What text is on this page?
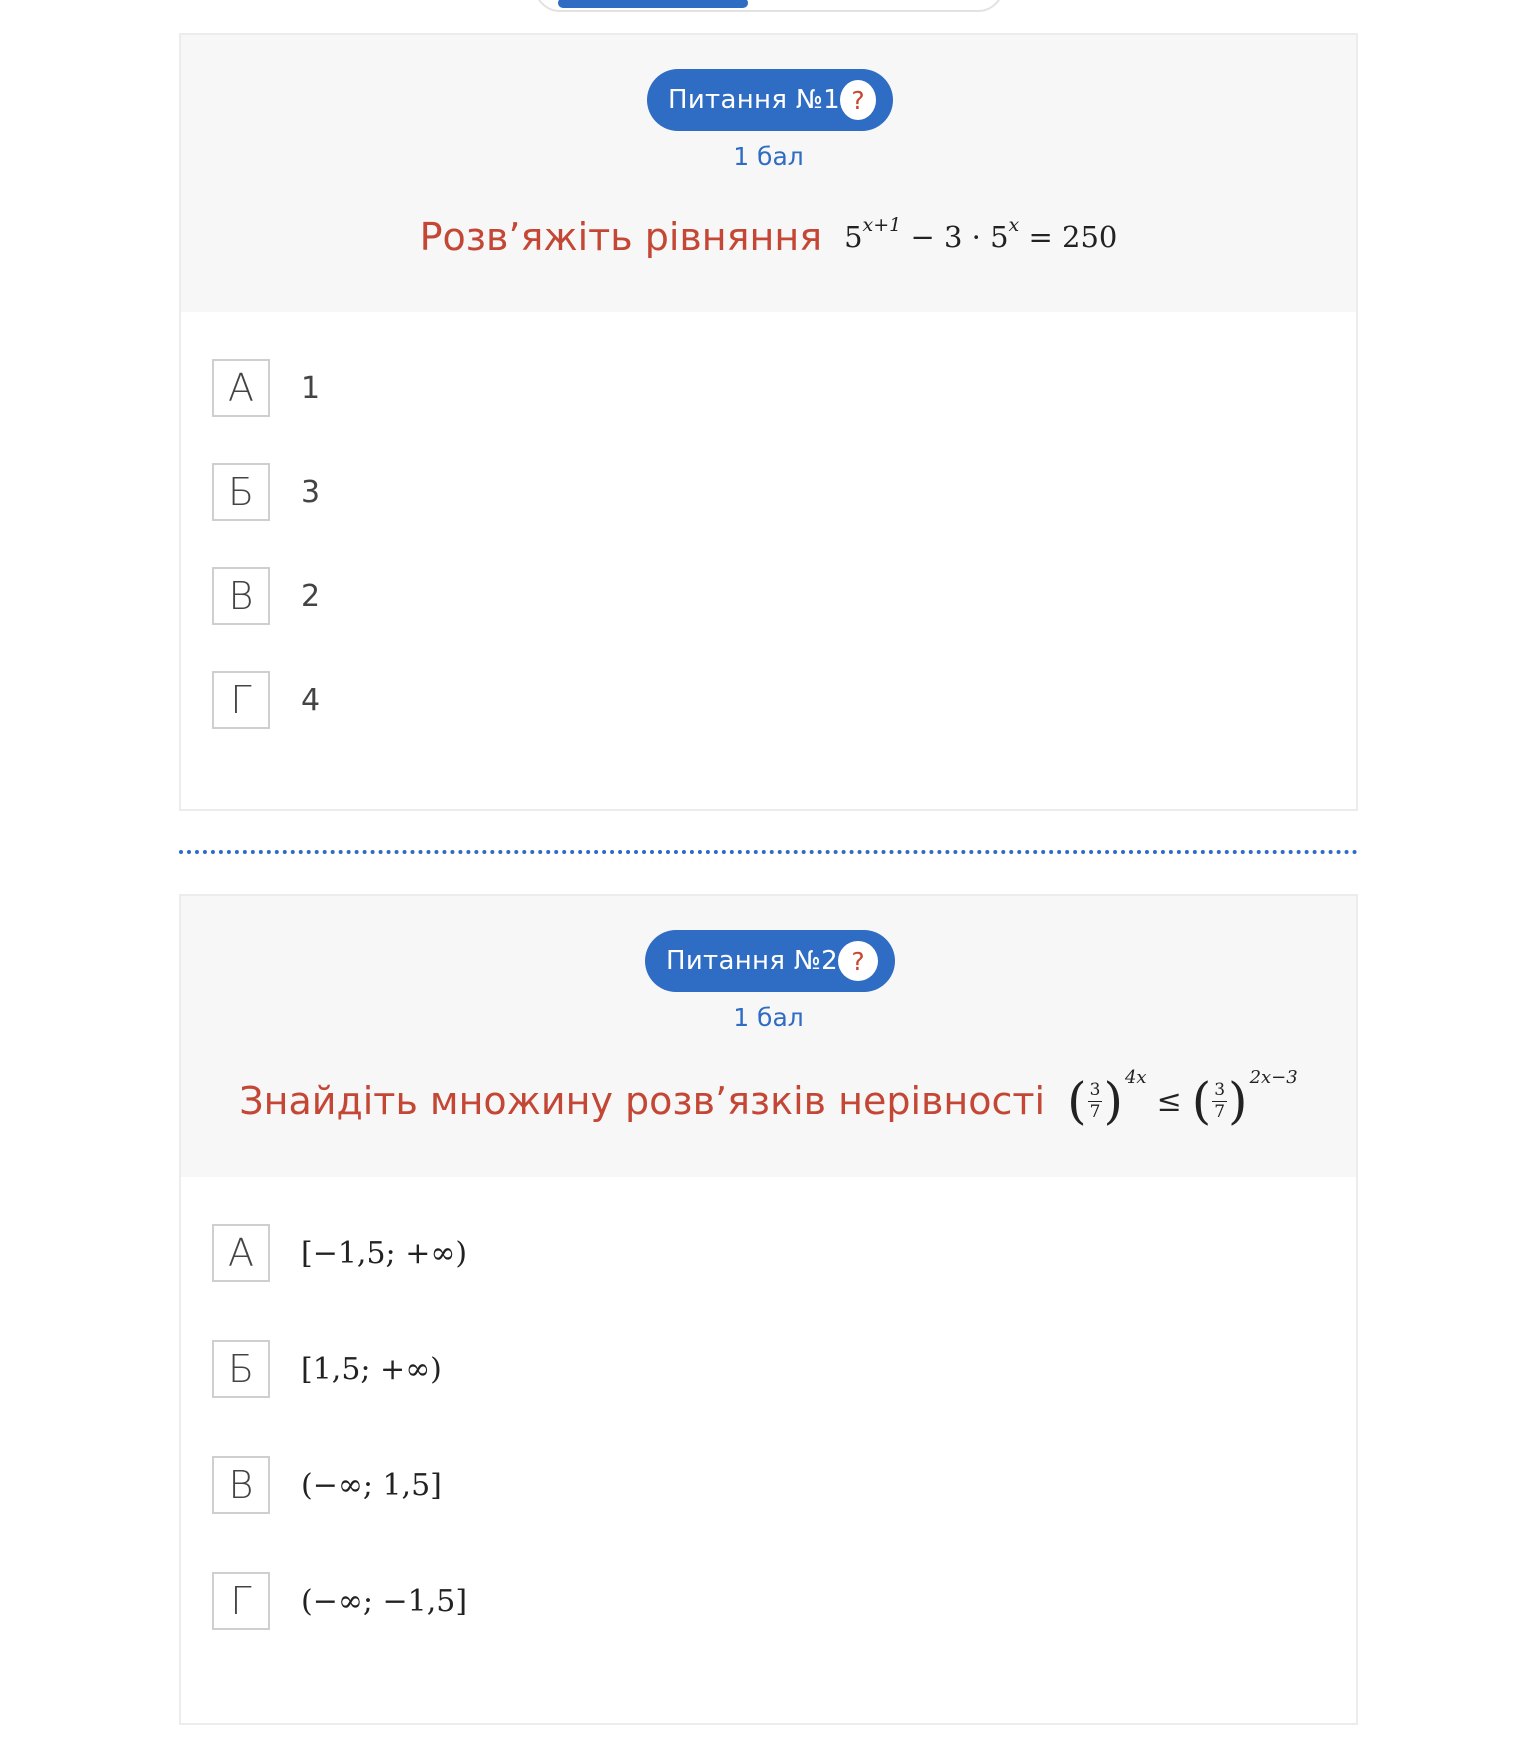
Питання №1 ?
1 бал
Розв’яжіть рівняння $5^{x+1} - 3 \cdot 5^x = 250$
А	1
Б	3
В	2
Г	4
Питання №2 ?
1 бал
Знайдіть множину розв’язків нерівності ( $\frac{3}{7}$ ) 4x
≤ ( $\frac{3}{7}$ ) 2x−3
А	[−1,5; +∞)
Б	[1,5; +∞)
В	(−∞; 1,5]
Г	(−∞; −1,5]
